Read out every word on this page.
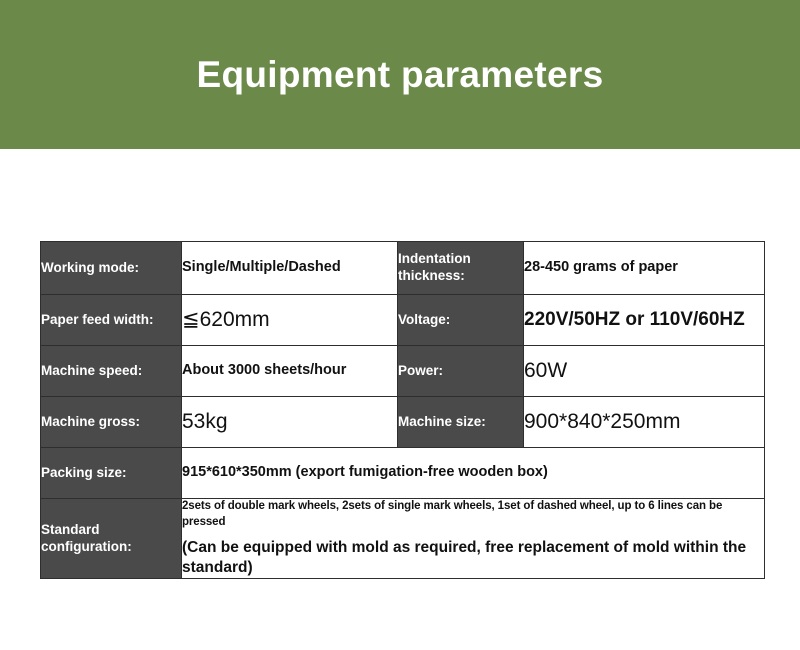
Equipment parameters
Working mode:	Single/Multiple/Dashed	Indentation thickness:	28-450 grams of paper
Paper feed width:	≦620mm	Voltage:	220V/50HZ or 110V/60HZ
Machine speed:	About 3000 sheets/hour	Power:	60W
Machine gross:	53kg	Machine size:	900*840*250mm
Packing size:	915*610*350mm (export fumigation-free wooden box)		
Standard configuration:	2sets of double mark wheels, 2sets of single mark wheels, 1set of dashed wheel, up to 6 lines can be pressed
(Can be equipped with mold as required, free replacement of mold within the standard)		
